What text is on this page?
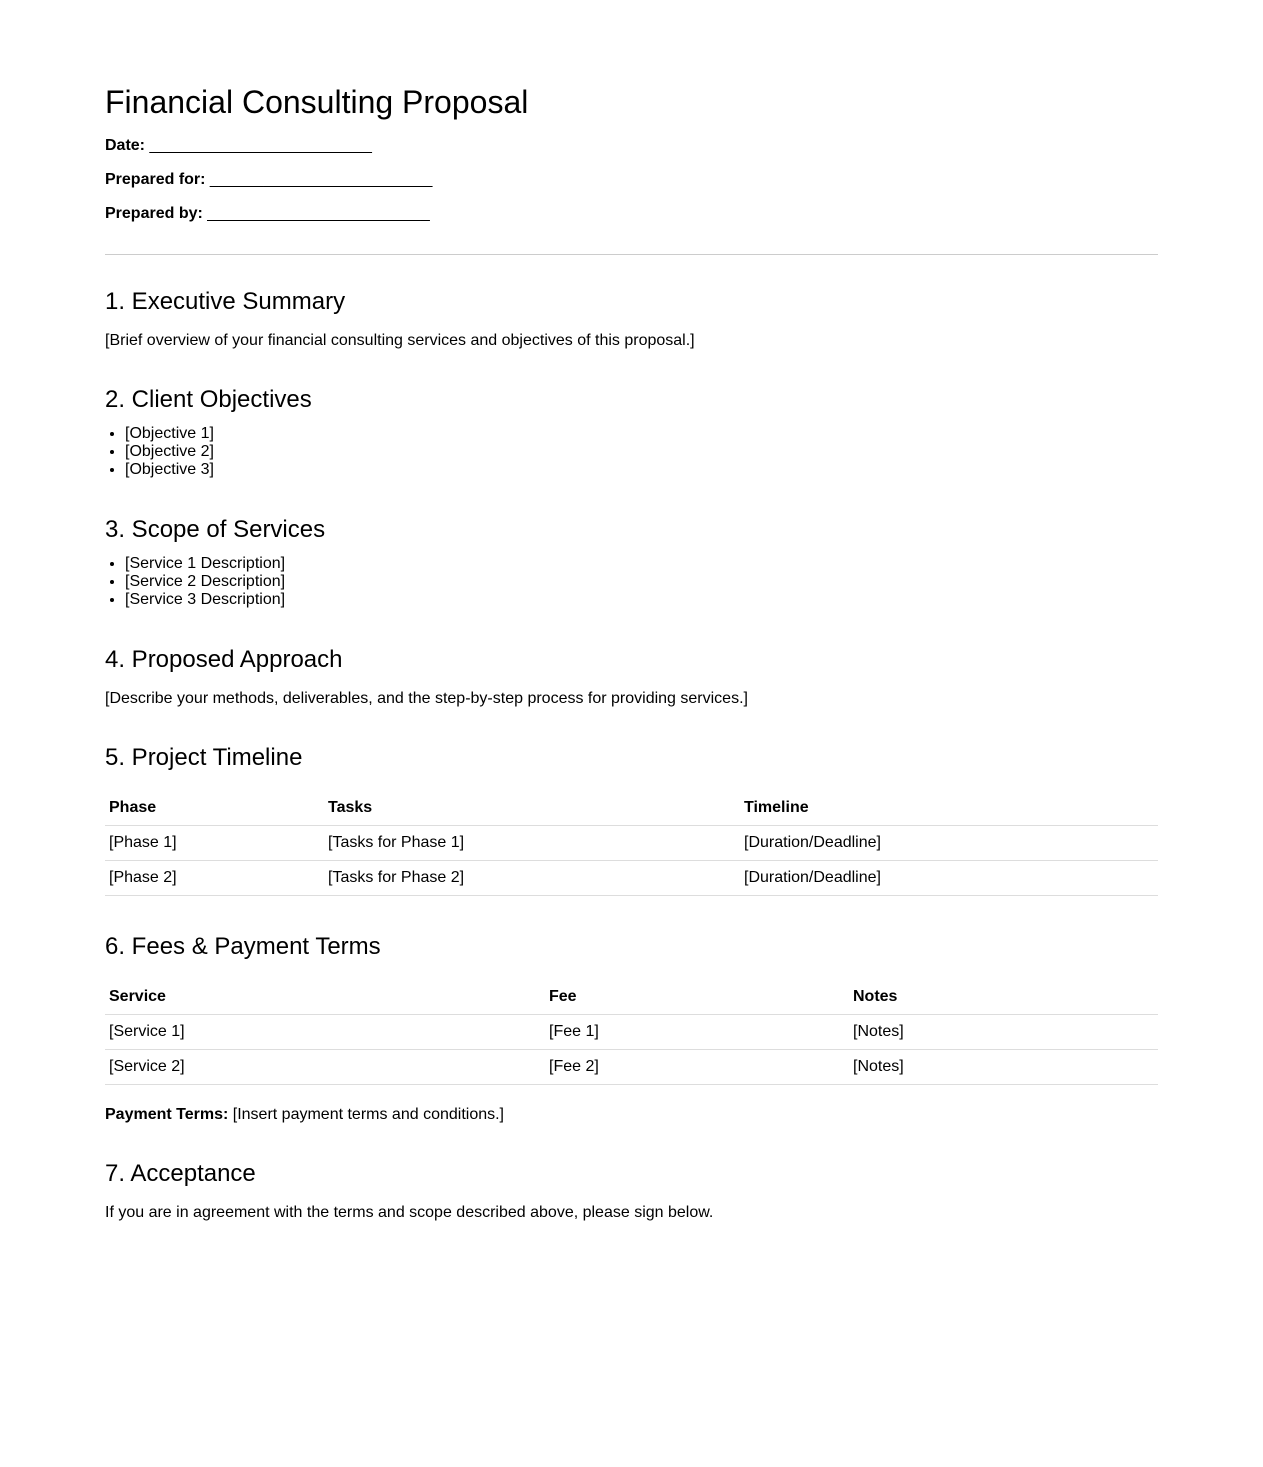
Financial Consulting Proposal
Date: _________________________
Prepared for: _________________________
Prepared by: _________________________
1. Executive Summary

[Brief overview of your financial consulting services and objectives of this proposal.]

2. Client Objectives
• [Objective 1]
• [Objective 2]
• [Objective 3]
3. Scope of Services
• [Service 1 Description]
• [Service 2 Description]
• [Service 3 Description]
4. Proposed Approach

[Describe your methods, deliverables, and the step-by-step process for providing services.]

5. Project Timeline
Phase	Tasks	Timeline
[Phase 1]	[Tasks for Phase 1]	[Duration/Deadline]
[Phase 2]	[Tasks for Phase 2]	[Duration/Deadline]
6. Fees & Payment Terms
Service	Fee	Notes
[Service 1]	[Fee 1]	[Notes]
[Service 2]	[Fee 2]	[Notes]

Payment Terms: [Insert payment terms and conditions.]

7. Acceptance

If you are in agreement with the terms and scope described above, please sign below.
